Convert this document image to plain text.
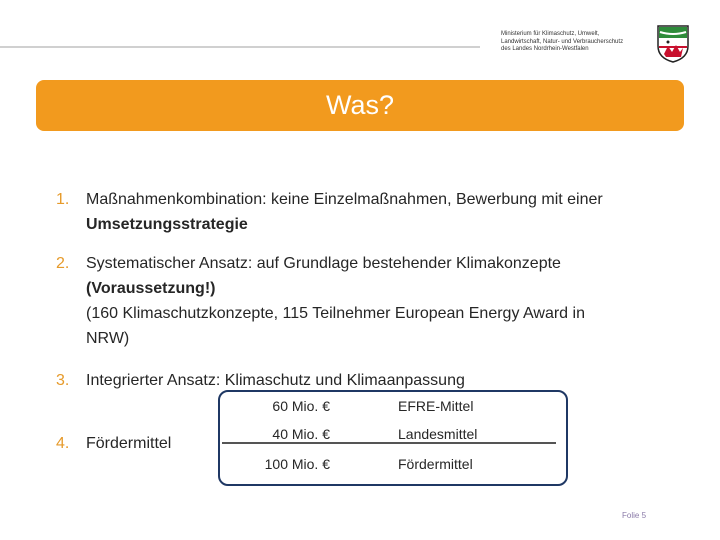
Ministerium für Klimaschutz, Umwelt,
Landwirtschaft, Natur- und Verbraucherschutz
des Landes Nordrhein-Westfalen
Was?
1. Maßnahmenkombination: keine Einzelmaßnahmen, Bewerbung mit einer
Umsetzungsstrategie
2. Systematischer Ansatz: auf Grundlage bestehender Klimakonzepte
(Voraussetzung!)
(160 Klimaschutzkonzepte, 115 Teilnehmer European Energy Award in
NRW)
3. Integrierter Ansatz: Klimaschutz und Klimaanpassung
60 Mio. €	EFRE-Mittel
40 Mio. €	Landesmittel
100 Mio. €	Fördermittel
4. Fördermittel
Folie 5
